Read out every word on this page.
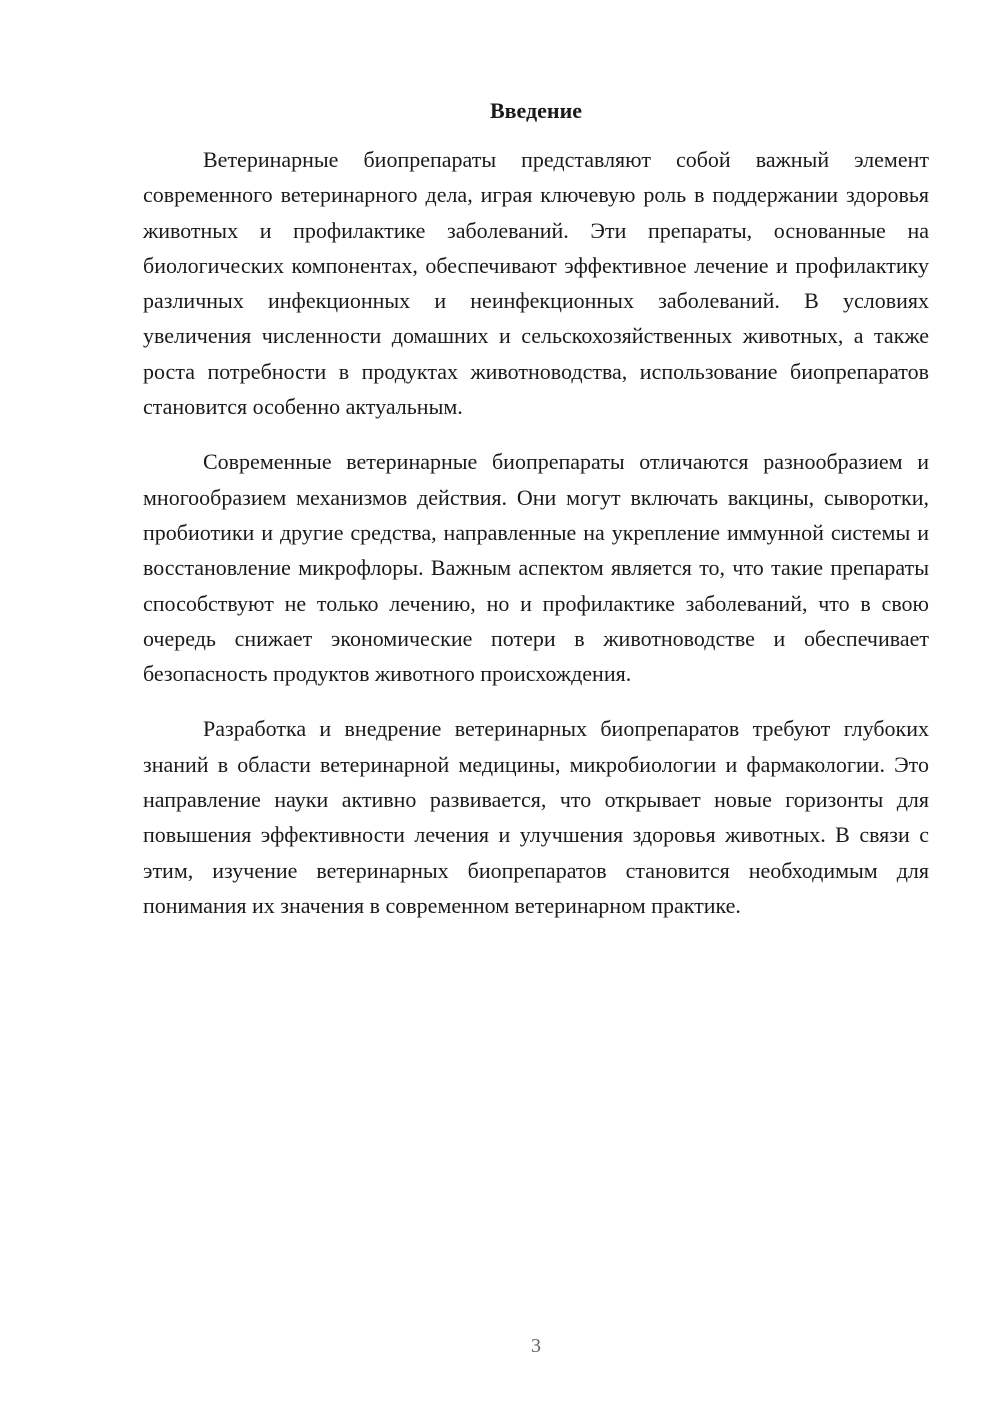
Введение

Ветеринарные биопрепараты представляют собой важный элемент современного ветеринарного дела, играя ключевую роль в поддержании здоровья животных и профилактике заболеваний. Эти препараты, основанные на биологических компонентах, обеспечивают эффективное лечение и профилактику различных инфекционных и неинфекционных заболеваний. В условиях увеличения численности домашних и сельскохозяйственных животных, а также роста потребности в продуктах животноводства, использование биопрепаратов становится особенно актуальным.

Современные ветеринарные биопрепараты отличаются разнообразием и многообразием механизмов действия. Они могут включать вакцины, сыворотки, пробиотики и другие средства, направленные на укрепление иммунной системы и восстановление микрофлоры. Важным аспектом является то, что такие препараты способствуют не только лечению, но и профилактике заболеваний, что в свою очередь снижает экономические потери в животноводстве и обеспечивает безопасность продуктов животного происхождения.

Разработка и внедрение ветеринарных биопрепаратов требуют глубоких знаний в области ветеринарной медицины, микробиологии и фармакологии. Это направление науки активно развивается, что открывает новые горизонты для повышения эффективности лечения и улучшения здоровья животных. В связи с этим, изучение ветеринарных биопрепаратов становится необходимым для понимания их значения в современном ветеринарном практике.

3
